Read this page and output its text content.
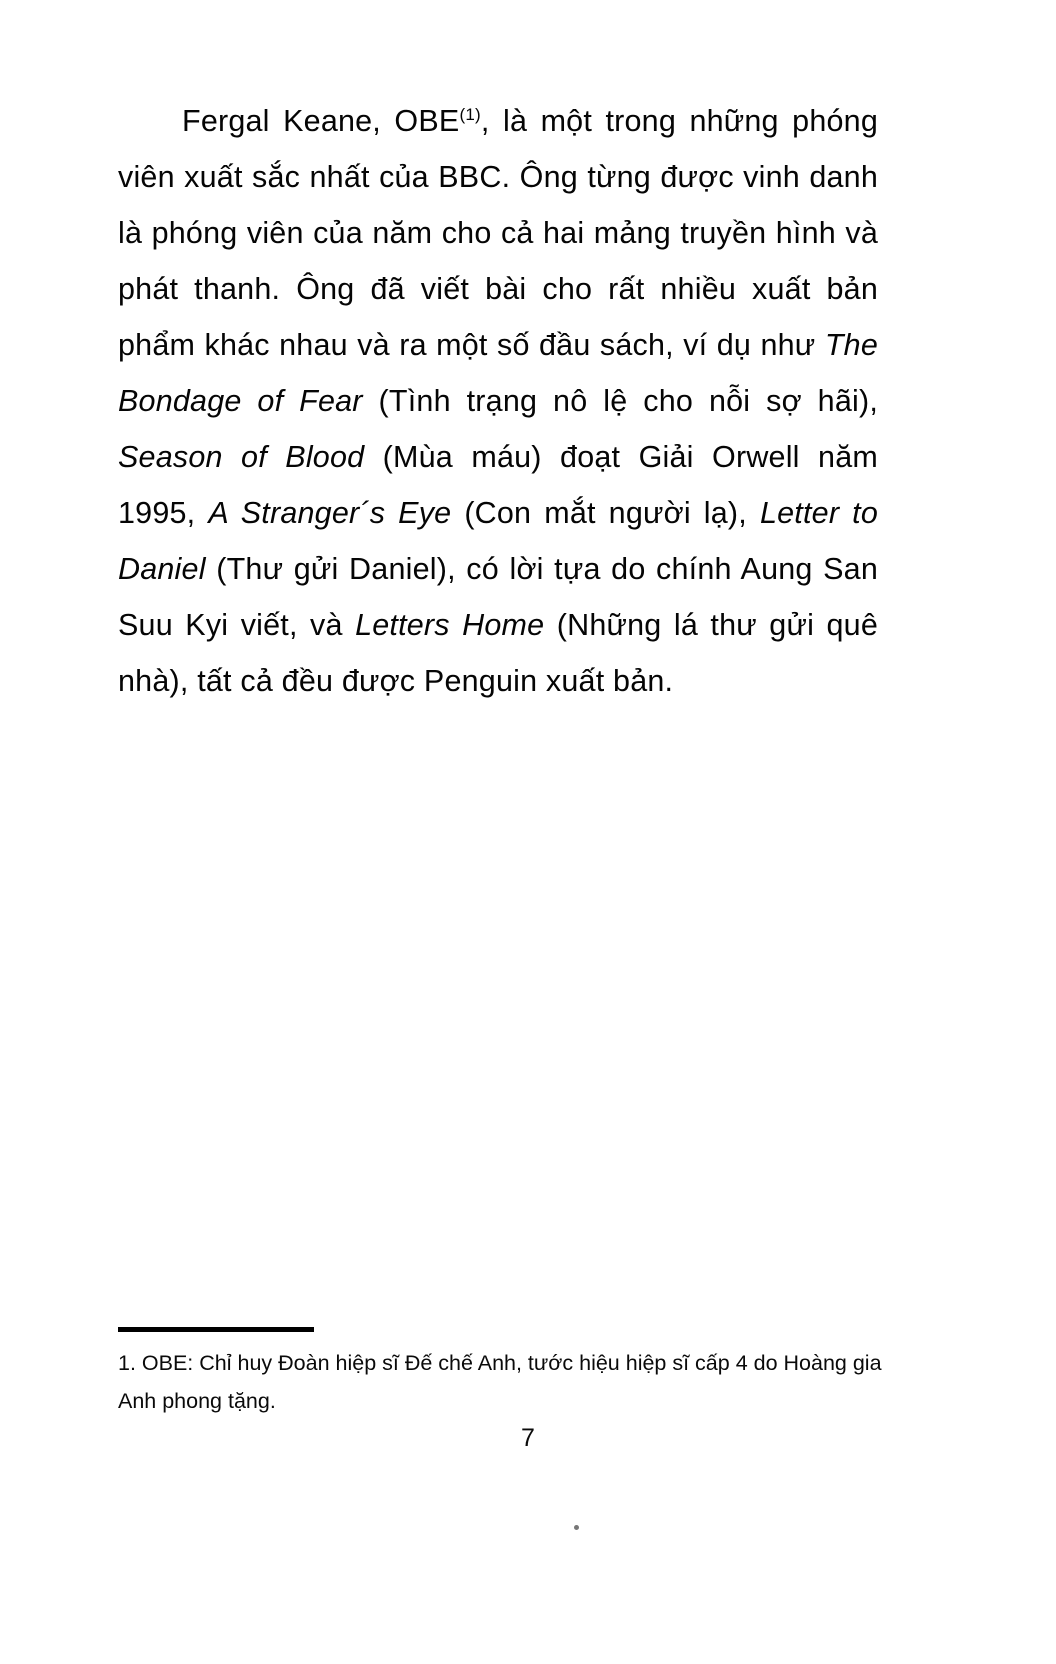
Fergal Keane, OBE$^{(1)}$, là một trong những phóng viên xuất sắc nhất của BBC. Ông từng được vinh danh là phóng viên của năm cho cả hai mảng truyền hình và phát thanh. Ông đã viết bài cho rất nhiều xuất bản phẩm khác nhau và ra một số đầu sách, ví dụ như The Bondage of Fear (Tình trạng nô lệ cho nỗi sợ hãi), Season of Blood (Mùa máu) đoạt Giải Orwell năm 1995, A Stranger´s Eye (Con mắt người lạ), Letter to Daniel (Thư gửi Daniel), có lời tựa do chính Aung San Suu Kyi viết, và Letters Home (Những lá thư gửi quê nhà), tất cả đều được Penguin xuất bản.

1. OBE: Chỉ huy Đoàn hiệp sĩ Đế chế Anh, tước hiệu hiệp sĩ cấp 4 do Hoàng gia Anh phong tặng.
7
